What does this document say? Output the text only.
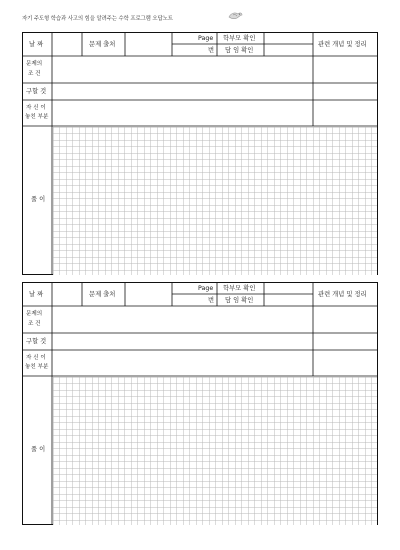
자기 주도형 학습과 사고의 힘을 알려주는 수학 프로그램 오답노트
날 짜	문제 출처
Page
번
학부모 확인
담 임 확인
관련 개념 및 정리
문제의
조 건
구할 것
자 신 이
놓친 부분
풀 이
날 짜	문제 출처
Page
번
학부모 확인
담 임 확인
관련 개념 및 정리
문제의
조 건
구할 것
자 신 이
놓친 부분
풀 이
